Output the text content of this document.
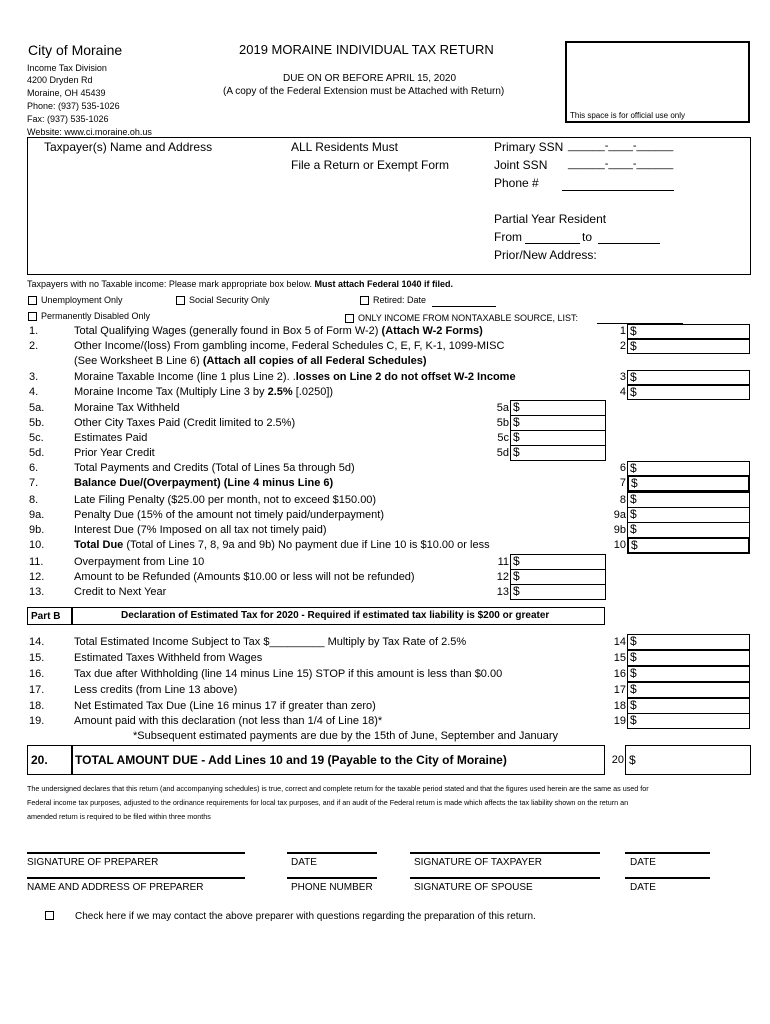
City of Moraine	2019 MORAINE INDIVIDUAL TAX RETURN
Income Tax Division
4200 Dryden Rd
Moraine, OH 45439
Phone: (937) 535-1026
Fax: (937) 535-1026
Website: www.ci.moraine.oh.us
DUE ON OR BEFORE APRIL 15, 2020
(A copy of the Federal Extension must be Attached with Return)
This space is for official use only
Taxpayer(s) Name and Address	ALL Residents Must
File a Return or Exempt Form
Primary SSN ______-____-______
Joint SSN ______-____-______
Phone #
Partial Year Resident
From	to
Prior/New Address:
Taxpayers with no Taxable income: Please mark appropriate box below. Must attach Federal 1040 if filed.
Unemployment Only	Social Security Only	Retired: Date
Permanently Disabled Only	ONLY INCOME FROM NONTAXABLE SOURCE, LIST:
1.	Total Qualifying Wages (generally found in Box 5 of Form W-2) (Attach W-2 Forms)	1 $
2.	Other Income/(loss) From gambling income, Federal Schedules C, E, F, K-1, 1099-MISC	2 $
(See Worksheet B Line 6) (Attach all copies of all Federal Schedules)
3.	Moraine Taxable Income (line 1 plus Line 2). .losses on Line 2 do not offset W-2 Income	3 $
4.	Moraine Income Tax (Multiply Line 3 by 2.5% [.0250])	4 $
5a.	Moraine Tax Withheld	5a $
5b.	Other City Taxes Paid (Credit limited to 2.5%)	5b $
5c.	Estimates Paid	5c $
5d.	Prior Year Credit	5d $
6.	Total Payments and Credits (Total of Lines 5a through 5d)	6 $
7.	Balance Due/(Overpayment) (Line 4 minus Line 6)	7 $
8.	Late Filing Penalty ($25.00 per month, not to exceed $150.00)	8 $
9a.	Penalty Due (15% of the amount not timely paid/underpayment)	9a $
9b.	Interest Due (7% Imposed on all tax not timely paid)	9b $
10.	Total Due (Total of Lines 7, 8, 9a and 9b) No payment due if Line 10 is $10.00 or less	10 $
11.	Overpayment from Line 10	11 $
12.	Amount to be Refunded (Amounts $10.00 or less will not be refunded)	12 $
13.	Credit to Next Year	13 $
Part B	Declaration of Estimated Tax for 2020 - Required if estimated tax liability is $200 or greater
14.	Total Estimated Income Subject to Tax $_________ Multiply by Tax Rate of 2.5%	14 $
15.	Estimated Taxes Withheld from Wages	15 $
16.	Tax due after Withholding (line 14 minus Line 15) STOP if this amount is less than $0.00	16 $
17.	Less credits (from Line 13 above)	17 $
18.	Net Estimated Tax Due (Line 16 minus 17 if greater than zero)	18 $
19.	Amount paid with this declaration (not less than 1/4 of Line 18)*	19 $
*Subsequent estimated payments are due by the 15th of June, September and January
20. TOTAL AMOUNT DUE - Add Lines 10 and 19 (Payable to the City of Moraine)	20 $
The undersigned declares that this return (and accompanying schedules) is true, correct and complete return for the taxable period stated and that the figures used herein are the same as used for
Federal income tax purposes, adjusted to the ordinance requirements for local tax purposes, and if an audit of the Federal return is made which affects the tax liability shown on the return an
amended return is required to be filed within three months
SIGNATURE OF PREPARER	DATE	SIGNATURE OF TAXPAYER	DATE
NAME AND ADDRESS OF PREPARER	PHONE NUMBER	SIGNATURE OF SPOUSE	DATE
Check here if we may contact the above preparer with questions regarding the preparation of this return.
